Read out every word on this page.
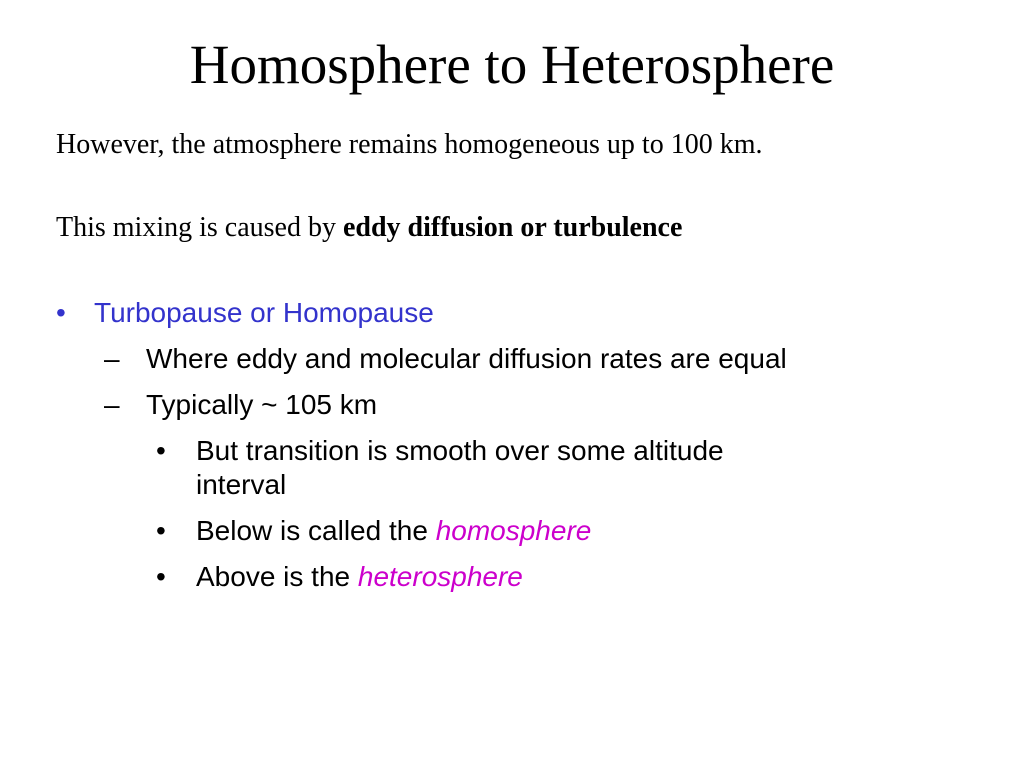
Homosphere to Heterosphere
However, the atmosphere remains homogeneous up to 100 km.
This mixing is caused by eddy diffusion or turbulence
• Turbopause or Homopause
– Where eddy and molecular diffusion rates are equal
– Typically ~ 105 km
• But transition is smooth over some altitude
interval
• Below is called the homosphere
• Above is the heterosphere
